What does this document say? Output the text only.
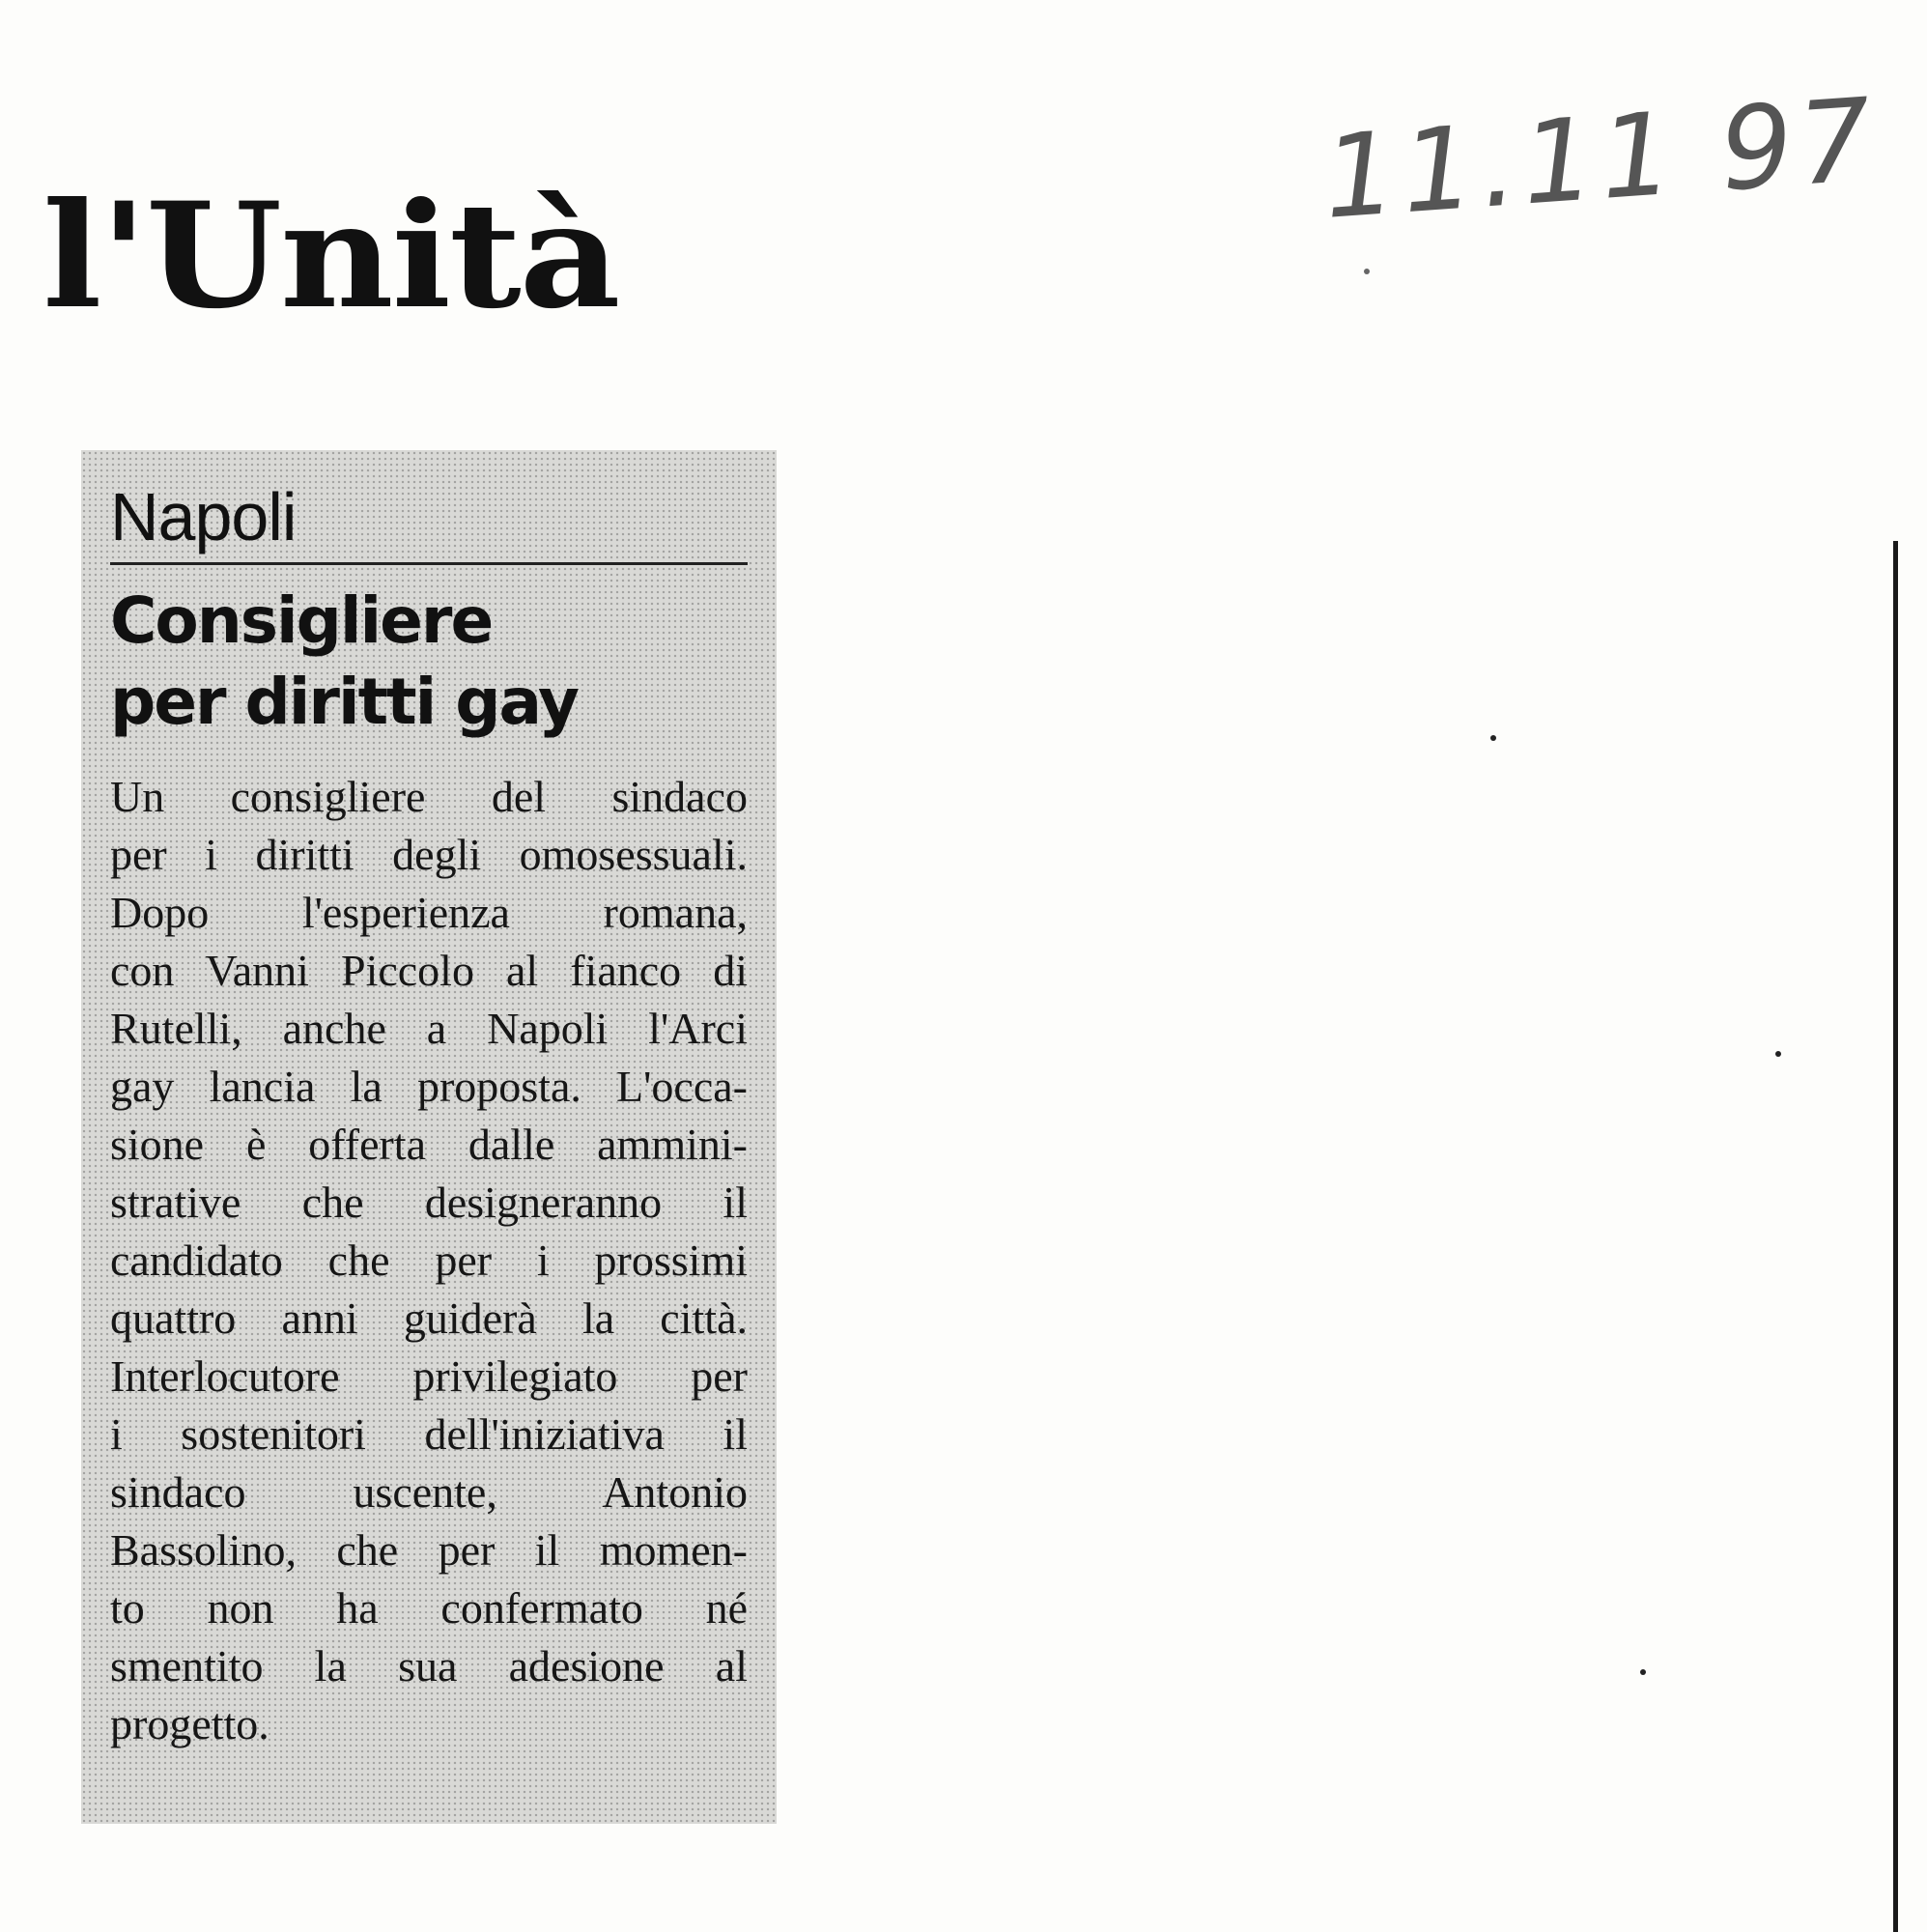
l'Unità
11.11 97
Napoli
Consigliere
per diritti gay
Un consigliere del sindaco
per i diritti degli omosessuali.
Dopo l'esperienza romana,
con Vanni Piccolo al fianco di
Rutelli, anche a Napoli l'Arci
gay lancia la proposta. L'occa-
sione è offerta dalle ammini-
strative che designeranno il
candidato che per i prossimi
quattro anni guiderà la città.
Interlocutore privilegiato per
i sostenitori dell'iniziativa il
sindaco uscente, Antonio
Bassolino, che per il momen-
to non ha confermato né
smentito la sua adesione al
progetto.
